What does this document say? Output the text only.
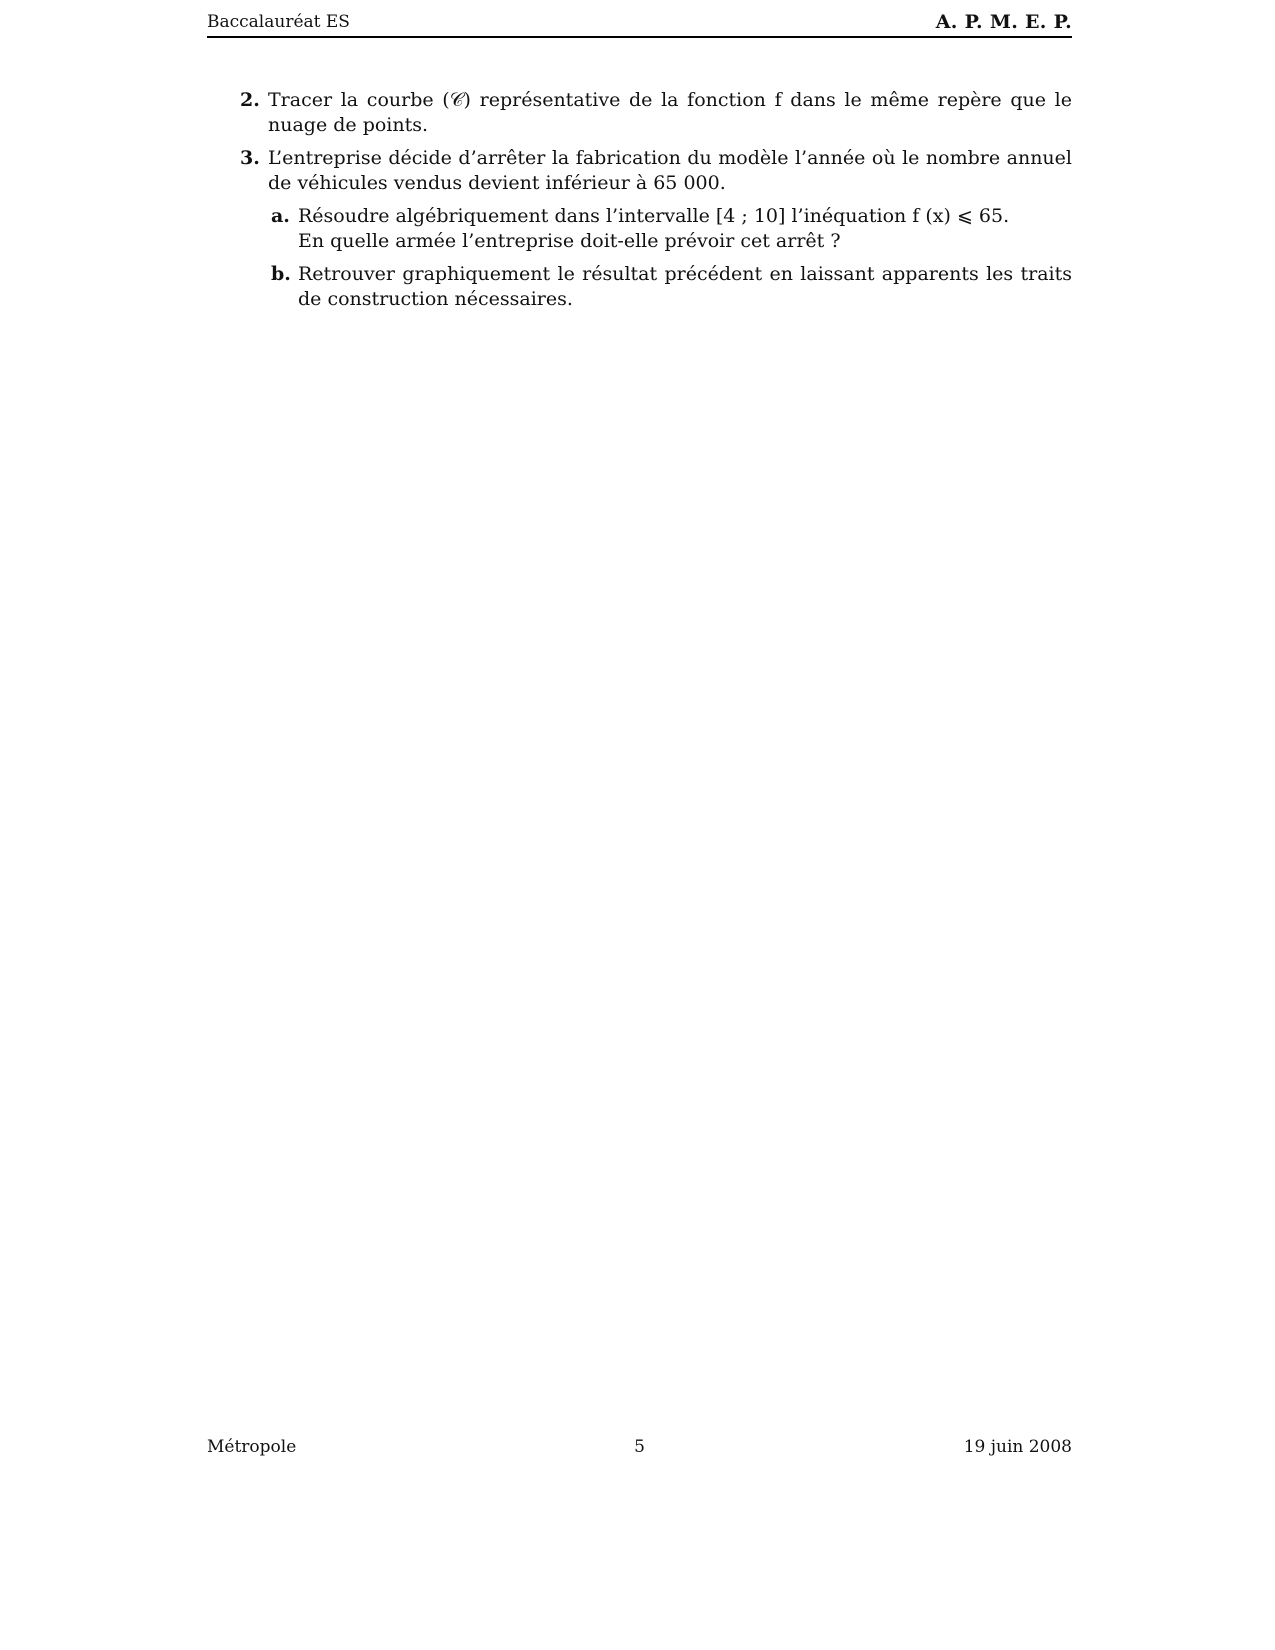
Baccalauréat ES	A. P. M. E. P.
2. Tracer la courbe (𝒞) représentative de la fonction f dans le même repère que le nuage de points.
3. L’entreprise décide d’arrêter la fabrication du modèle l’année où le nombre annuel de véhicules vendus devient inférieur à 65 000.
a. Résoudre algébriquement dans l’intervalle [4 ; 10] l’inéquation f (x) ⩽ 65.
En quelle armée l’entreprise doit-elle prévoir cet arrêt ?
b. Retrouver graphiquement le résultat précédent en laissant apparents les traits de construction nécessaires.
Métropole	5	19 juin 2008
